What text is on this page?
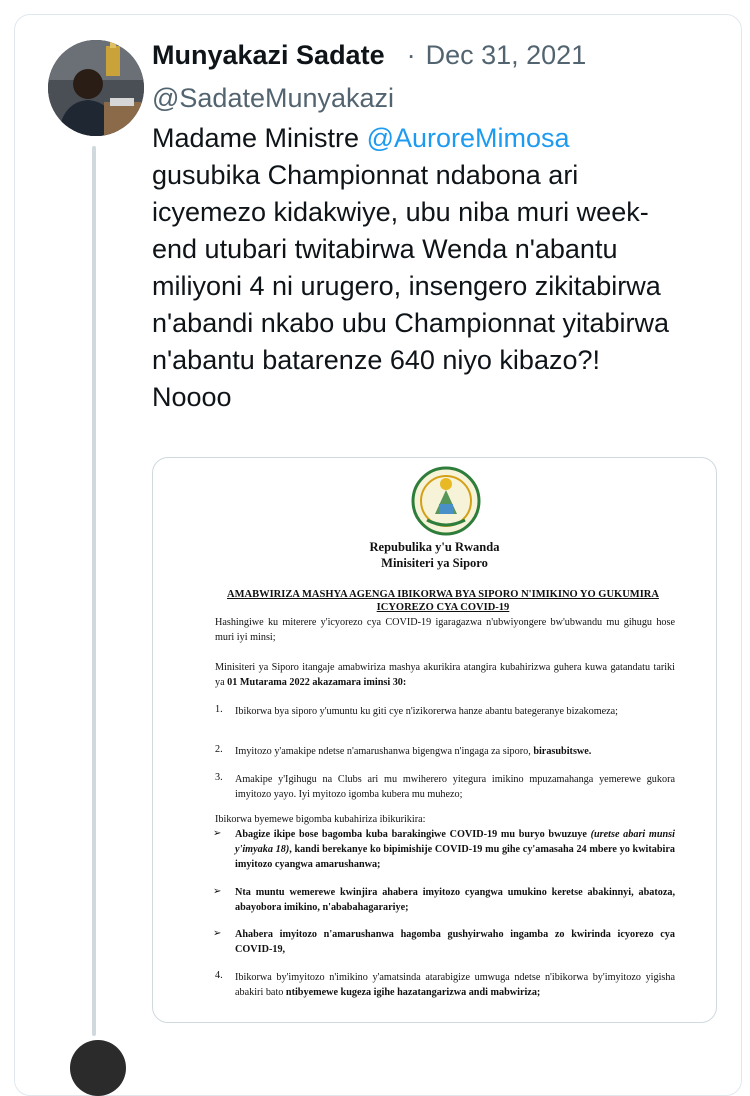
Munyakazi Sadate · Dec 31, 2021
@SadateMunyakazi
Madame Ministre @AuroreMimosa
gusubika Championnat ndabona ari
icyemezo kidakwiye, ubu niba muri week-
end utubari twitabirwa Wenda n'abantu
miliyoni 4 ni urugero, insengero zikitabirwa
n'abandi nkabo ubu Championnat yitabirwa
n'abantu batarenze 640 niyo kibazo?!
Noooo
Repubulika y'u Rwanda
Minisiteri ya Siporo
AMABWIRIZA MASHYA AGENGA IBIKORWA BYA SIPORO N'IMIKINO YO GUKUMIRA ICYOREZO CYA COVID-19
Hashingiwe ku miterere y'icyorezo cya COVID-19 igaragazwa n'ubwiyongere bw'ubwandu mu gihugu hose muri iyi minsi;
Minisiteri ya Siporo itangaje amabwiriza mashya akurikira atangira kubahirizwa guhera kuwa gatandatu tariki ya 01 Mutarama 2022 akazamara iminsi 30:
1.	Ibikorwa bya siporo y'umuntu ku giti cye n'izikorerwa hanze abantu bategeranye bizakomeza;
2.	Imyitozo y'amakipe ndetse n'amarushanwa bigengwa n'ingaga za siporo, birasubitswe.
3.	Amakipe y'Igihugu na Clubs ari mu mwiherero yitegura imikino mpuzamahanga yemerewe gukora imyitozo yayo. Iyi myitozo igomba kubera mu muhezo;
Ibikorwa byemewe bigomba kubahiriza ibikurikira:
➢ Abagize ikipe bose bagomba kuba barakingiwe COVID-19 mu buryo bwuzuye (uretse abari munsi y'imyaka 18), kandi berekanye ko bipimishije COVID-19 mu gihe cy'amasaha 24 mbere yo kwitabira imyitozo cyangwa amarushanwa;
➢ Nta muntu wemerewe kwinjira ahabera imyitozo cyangwa umukino keretse abakinnyi, abatoza, abayobora imikino, n'ababahagarariye;
➢ Ahabera imyitozo n'amarushanwa hagomba gushyirwaho ingamba zo kwirinda icyorezo cya COVID-19,
4.	Ibikorwa by'imyitozo n'imikino y'amatsinda atarabigize umwuga ndetse n'ibikorwa by'imyitozo yigisha abakiri bato ntibyemewe kugeza igihe hazatangarizwa andi mabwiriza;
